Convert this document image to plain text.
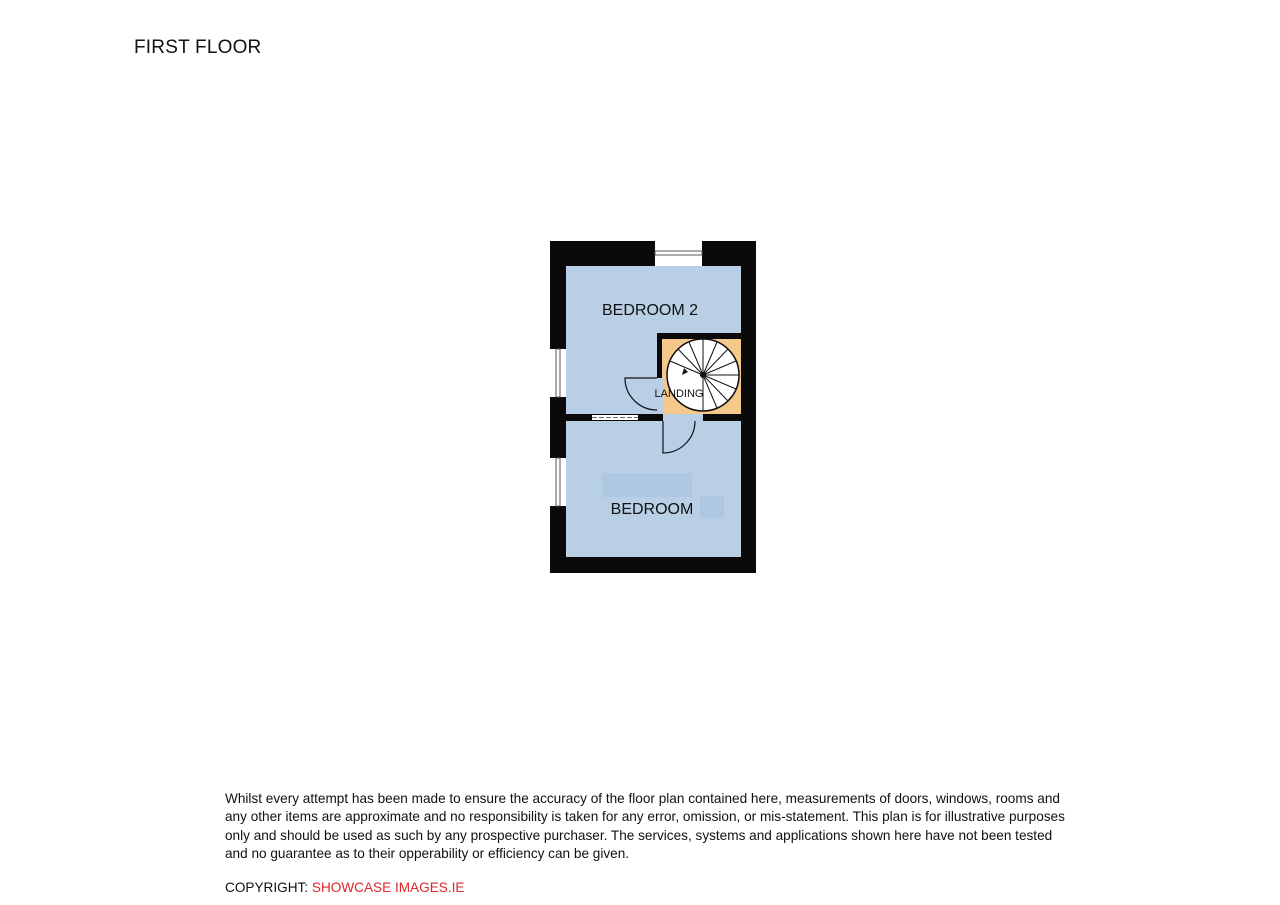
FIRST FLOOR
BEDROOM 2
LANDING
BEDROOM

Whilst every attempt has been made to ensure the accuracy of the floor plan contained here, measurements of doors, windows, rooms and any other items are approximate and no responsibility is taken for any error, omission, or mis-statement. This plan is for illustrative purposes only and should be used as such by any prospective purchaser. The services, systems and applications shown here have not been tested and no guarantee as to their opperability or efficiency can be given.

COPYRIGHT: SHOWCASE IMAGES.IE
